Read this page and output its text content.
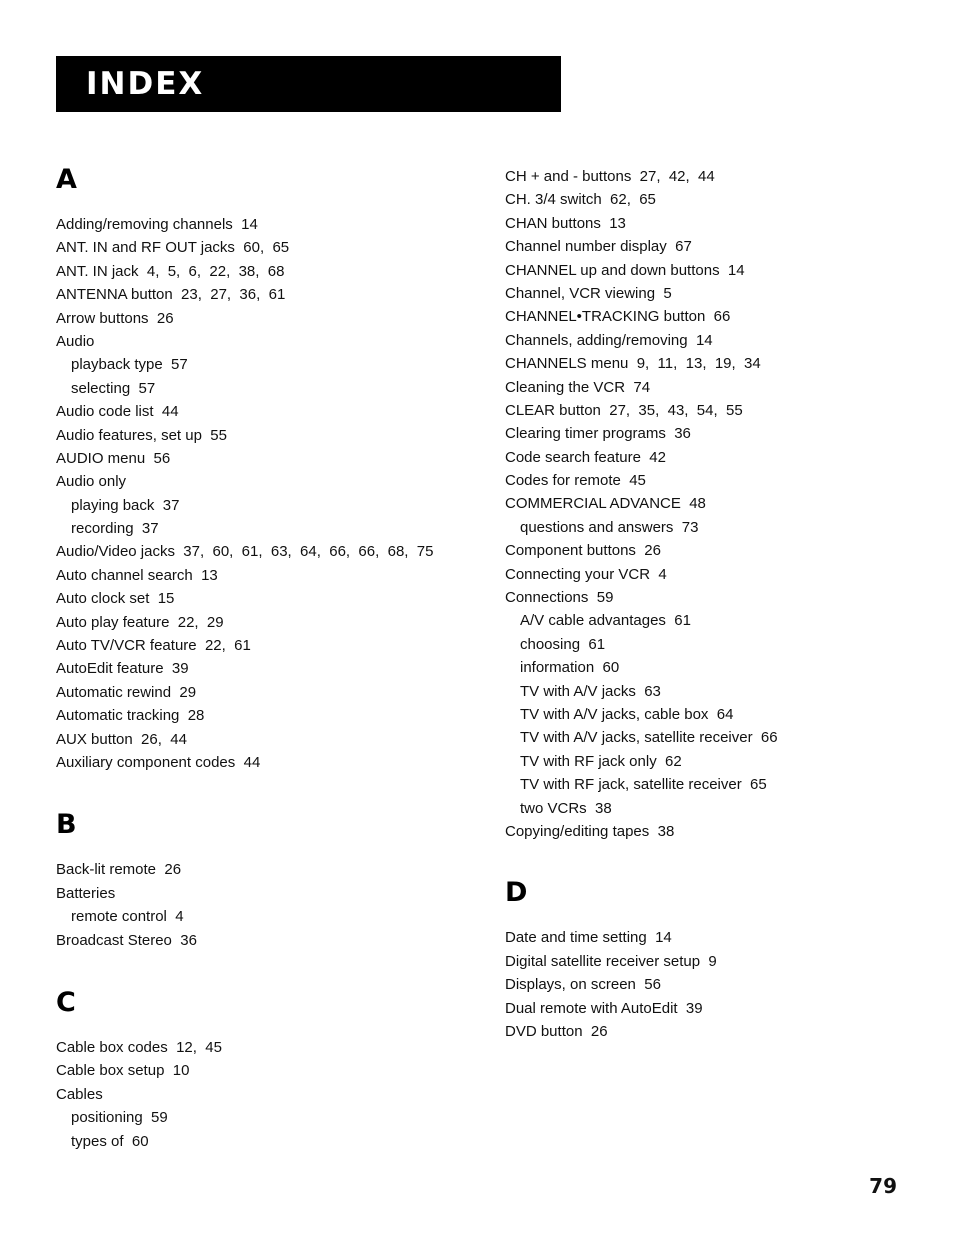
INDEX
A
Adding/removing channels  14
ANT. IN and RF OUT jacks  60,  65
ANT. IN jack  4,  5,  6,  22,  38,  68
ANTENNA button  23,  27,  36,  61
Arrow buttons  26
Audio
playback type  57
selecting  57
Audio code list  44
Audio features, set up  55
AUDIO menu  56
Audio only
playing back  37
recording  37
Audio/Video jacks  37,  60,  61,  63,  64,  66,  66,  68,  75
Auto channel search  13
Auto clock set  15
Auto play feature  22,  29
Auto TV/VCR feature  22,  61
AutoEdit feature  39
Automatic rewind  29
Automatic tracking  28
AUX button  26,  44
Auxiliary component codes  44
B
Back-lit remote  26
Batteries
remote control  4
Broadcast Stereo  36
C
Cable box codes  12,  45
Cable box setup  10
Cables
positioning  59
types of  60
CH + and - buttons  27,  42,  44
CH. 3/4 switch  62,  65
CHAN buttons  13
Channel number display  67
CHANNEL up and down buttons  14
Channel, VCR viewing  5
CHANNEL•TRACKING button  66
Channels, adding/removing  14
CHANNELS menu  9,  11,  13,  19,  34
Cleaning the VCR  74
CLEAR button  27,  35,  43,  54,  55
Clearing timer programs  36
Code search feature  42
Codes for remote  45
COMMERCIAL ADVANCE  48
questions and answers  73
Component buttons  26
Connecting your VCR  4
Connections  59
A/V cable advantages  61
choosing  61
information  60
TV with A/V jacks  63
TV with A/V jacks, cable box  64
TV with A/V jacks, satellite receiver  66
TV with RF jack only  62
TV with RF jack, satellite receiver  65
two VCRs  38
Copying/editing tapes  38
D
Date and time setting  14
Digital satellite receiver setup  9
Displays, on screen  56
Dual remote with AutoEdit  39
DVD button  26
79
